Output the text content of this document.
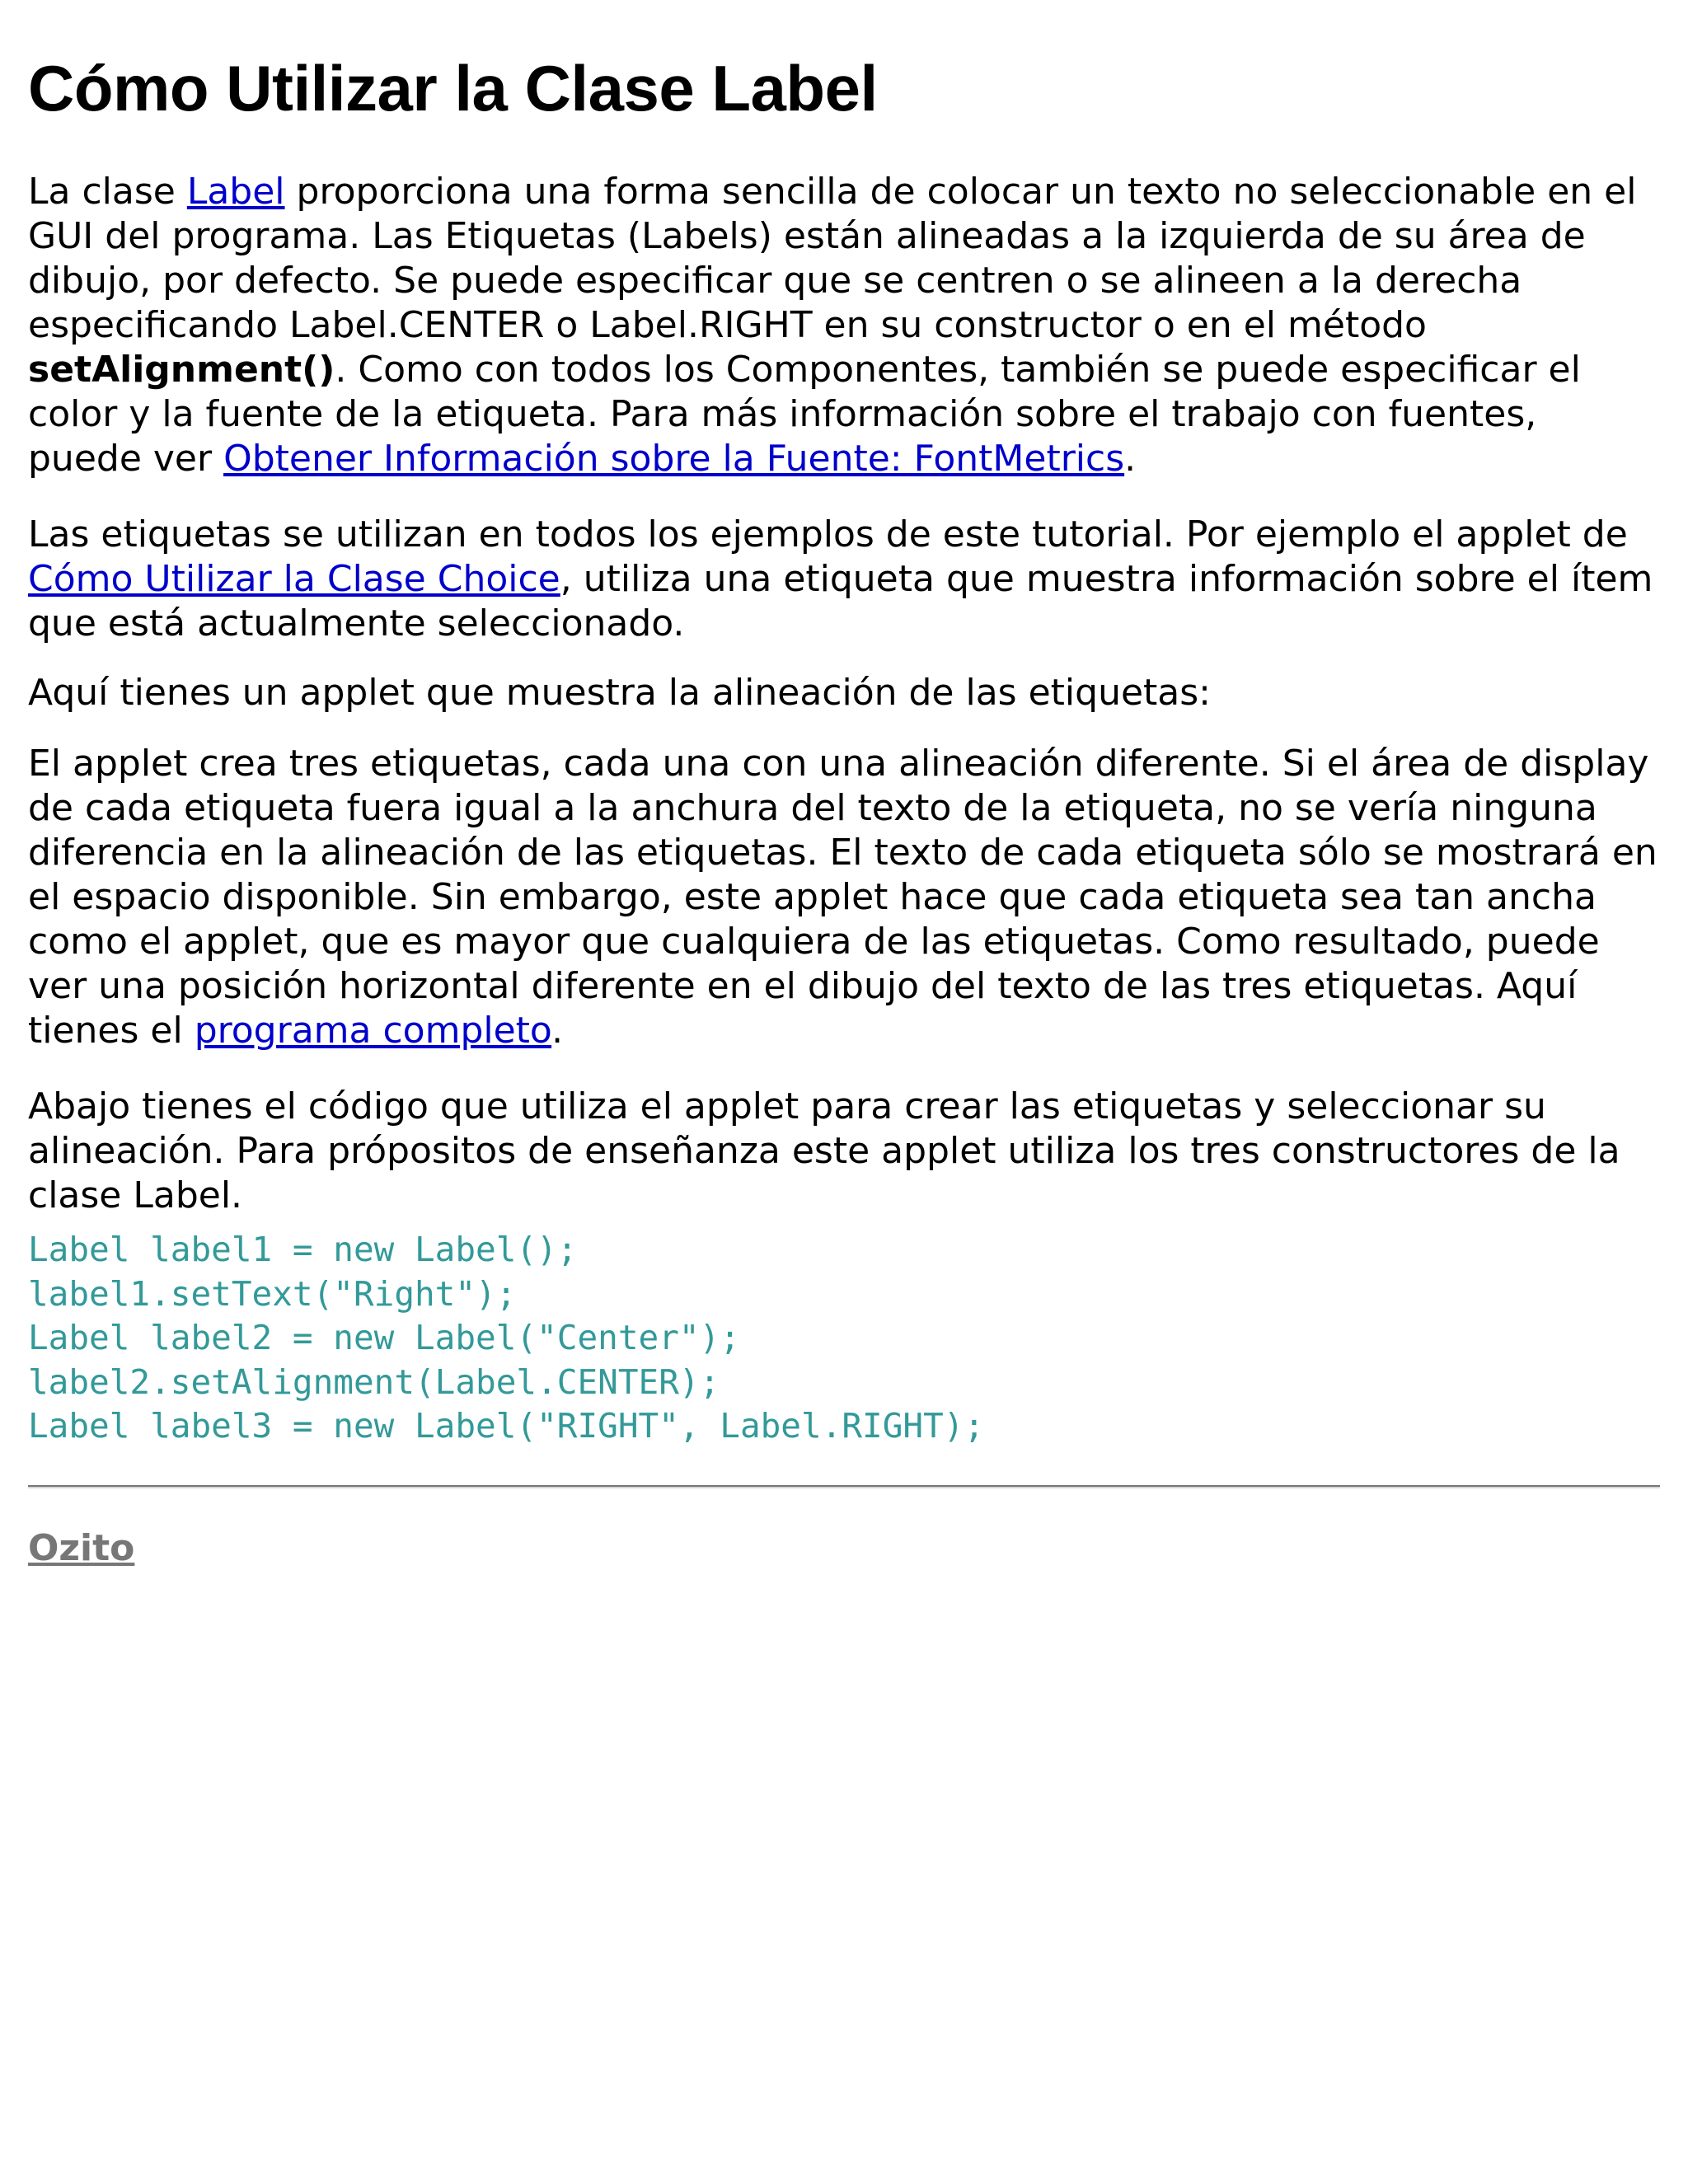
Cómo Utilizar la Clase Label

La clase Label proporciona una forma sencilla de colocar un texto no seleccionable en el GUI del programa. Las Etiquetas (Labels) están alineadas a la izquierda de su área de dibujo, por defecto. Se puede especificar que se centren o se alineen a la derecha especificando Label.CENTER o Label.RIGHT en su constructor o en el método setAlignment(). Como con todos los Componentes, también se puede especificar el color y la fuente de la etiqueta. Para más información sobre el trabajo con fuentes, puede ver Obtener Información sobre la Fuente: FontMetrics.

Las etiquetas se utilizan en todos los ejemplos de este tutorial. Por ejemplo el applet de Cómo Utilizar la Clase Choice, utiliza una etiqueta que muestra información sobre el ítem que está actualmente seleccionado.

Aquí tienes un applet que muestra la alineación de las etiquetas:

El applet crea tres etiquetas, cada una con una alineación diferente. Si el área de display de cada etiqueta fuera igual a la anchura del texto de la etiqueta, no se vería ninguna diferencia en la alineación de las etiquetas. El texto de cada etiqueta sólo se mostrará en el espacio disponible. Sin embargo, este applet hace que cada etiqueta sea tan ancha como el applet, que es mayor que cualquiera de las etiquetas. Como resultado, puede ver una posición horizontal diferente en el dibujo del texto de las tres etiquetas. Aquí tienes el programa completo.

Abajo tienes el código que utiliza el applet para crear las etiquetas y seleccionar su alineación. Para própositos de enseñanza este applet utiliza los tres constructores de la clase Label.

Label label1 = new Label();
label1.setText("Right");
Label label2 = new Label("Center");
label2.setAlignment(Label.CENTER);
Label label3 = new Label("RIGHT", Label.RIGHT);
Ozito
